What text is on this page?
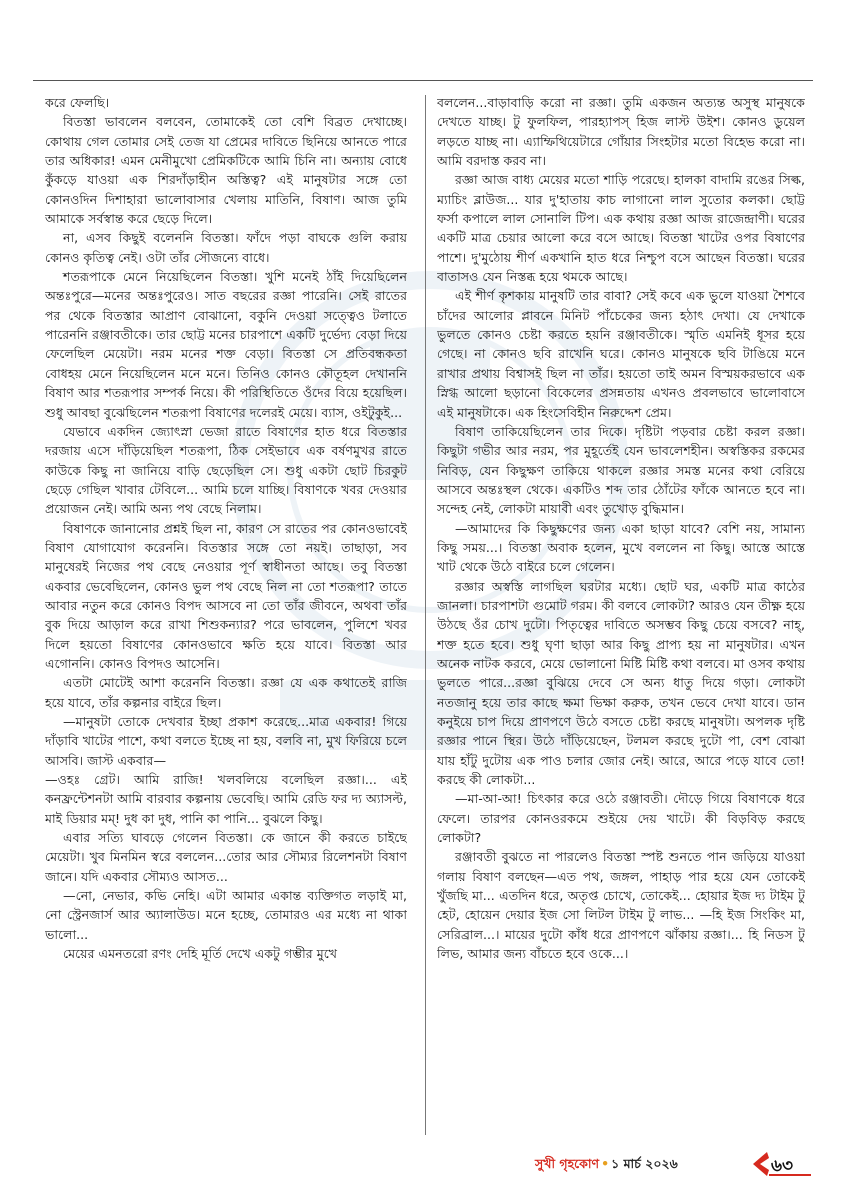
করে ফেলছি।

বিতস্তা ভাবলেন বলবেন, তোমাকেই তো বেশি বিব্রত দেখাচ্ছে। কোথায় গেল তোমার সেই তেজ যা প্রেমের দাবিতে ছিনিয়ে আনতে পারে তার অধিকার! এমন মেনীমুখো প্রেমিকটিকে আমি চিনি না। অন্যায় বোধে কুঁকড়ে যাওয়া এক শিরদাঁড়াহীন অস্তিত্ব? এই মানুষটার সঙ্গে তো কোনওদিন দিশাহারা ভালোবাসার খেলায় মাতিনি, বিষাণ। আজ তুমি আমাকে সর্বস্বান্ত করে ছেড়ে দিলে।

না, এসব কিছুই বলেননি বিতস্তা। ফাঁদে পড়া বাঘকে গুলি করায় কোনও কৃতিত্ব নেই। ওটা তাঁর সৌজন্যে বাধে।

শতরূপাকে মেনে নিয়েছিলেন বিতস্তা। খুশি মনেই ঠাঁই দিয়েছিলেন অন্তঃপুরে—মনের অন্তঃপুরেও। সাত বছরের রজ্ঞা পারেনি। সেই রাতের পর থেকে বিতস্তার আপ্রাণ বোঝানো, বকুনি দেওয়া সত্ত্বেও টলাতে পারেননি রঞ্জাবতীকে। তার ছোট্ট মনের চারপাশে একটি দুর্ভেদ্য বেড়া দিয়ে ফেলেছিল মেয়েটা। নরম মনের শক্ত বেড়া। বিতস্তা সে প্রতিবন্ধকতা বোধহয় মেনে নিয়েছিলেন মনে মনে। তিনিও কোনও কৌতূহল দেখাননি বিষাণ আর শতরূপার সম্পর্ক নিয়ে। কী পরিস্থিতিতে ওঁদের বিয়ে হয়েছিল। শুধু আবছা বুঝেছিলেন শতরূপা বিষাণের দলেরই মেয়ে। ব্যাস, ওইটুকুই...

যেভাবে একদিন জ্যোৎস্না ভেজা রাতে বিষাণের হাত ধরে বিতস্তার দরজায় এসে দাঁড়িয়েছিল শতরূপা, ঠিক সেইভাবে এক বর্ষণমুখর রাতে কাউকে কিছু না জানিয়ে বাড়ি ছেড়েছিল সে। শুধু একটা ছোট চিরকুট ছেড়ে গেছিল খাবার টেবিলে... আমি চলে যাচ্ছি। বিষাণকে খবর দেওয়ার প্রয়োজন নেই। আমি অন্য পথ বেছে নিলাম।

বিষাণকে জানানোর প্রশ্নই ছিল না, কারণ সে রাতের পর কোনওভাবেই বিষাণ যোগাযোগ করেননি। বিতস্তার সঙ্গে তো নয়ই। তাছাড়া, সব মানুষেরই নিজের পথ বেছে নেওয়ার পূর্ণ স্বাধীনতা আছে। তবু বিতস্তা একবার ভেবেছিলেন, কোনও ভুল পথ বেছে নিল না তো শতরূপা? তাতে আবার নতুন করে কোনও বিপদ আসবে না তো তাঁর জীবনে, অথবা তাঁর বুক দিয়ে আড়াল করে রাখা শিশুকন্যার? পরে ভাবলেন, পুলিশে খবর দিলে হয়তো বিষাণের কোনওভাবে ক্ষতি হয়ে যাবে। বিতস্তা আর এগোননি। কোনও বিপদও আসেনি।

এতটা মোটেই আশা করেননি বিতস্তা। রজ্ঞা যে এক কথাতেই রাজি হয়ে যাবে, তাঁর কল্পনার বাইরে ছিল।

—মানুষটা তোকে দেখবার ইচ্ছা প্রকাশ করেছে...মাত্র একবার! গিয়ে দাঁড়াবি খাটের পাশে, কথা বলতে ইচ্ছে না হয়, বলবি না, মুখ ফিরিয়ে চলে আসবি। জাস্ট একবার—

—ওহঃ গ্রেট। আমি রাজি! খলবলিয়ে বলেছিল রজ্ঞা।... এই কনফ্রন্টেশনটা আমি বারবার কল্পনায় ভেবেছি। আমি রেডি ফর দ্য অ্যাসল্ট, মাই ডিয়ার মম্‌! দুধ কা দুধ, পানি কা পানি... বুঝলে কিছু।

এবার সত্যি ঘাবড়ে গেলেন বিতস্তা। কে জানে কী করতে চাইছে মেয়েটা। খুব মিনমিন স্বরে বললেন...তোর আর সৌম্যর রিলেশনটা বিষাণ জানে। যদি একবার সৌম্যও আসত...

—নো, নেভার, কভি নেহি। এটা আমার একান্ত ব্যক্তিগত লড়াই মা, নো স্ট্রেনজার্স আর অ্যালাউড। মনে হচ্ছে, তোমারও এর মধ্যে না থাকা ভালো...

মেয়ের এমনতরো রণং দেহি মূর্তি দেখে একটু গম্ভীর মুখে

বললেন...বাড়াবাড়ি করো না রজ্ঞা। তুমি একজন অত্যন্ত অসুস্থ মানুষকে দেখতে যাচ্ছ। টু ফুলফিল, পারহ্যাপস্‌ হিজ লাস্ট উইশ। কোনও ডুয়েল লড়তে যাচ্ছ না। এ্যাম্ফিথিয়েটারে গোঁয়ার সিংহটার মতো বিহেভ করো না। আমি বরদাস্ত করব না।

রজ্ঞা আজ বাধ্য মেয়ের মতো শাড়ি পরেছে। হালকা বাদামি রঙের সিল্ক, ম্যাচিং ব্লাউজ... যার দু'হাতায় কাচ লাগানো লাল সুতোর কলকা। ছোট্ট ফর্সা কপালে লাল সোনালি টিপ। এক কথায় রজ্ঞা আজ রাজেন্দ্রাণী। ঘরের একটি মাত্র চেয়ার আলো করে বসে আছে। বিতস্তা খাটের ওপর বিষাণের পাশে। দু'মুঠোয় শীর্ণ একখানি হাত ধরে নিশ্চুপ বসে আছেন বিতস্তা। ঘরের বাতাসও যেন নিস্তব্ধ হয়ে থমকে আছে।

এই শীর্ণ কৃশকায় মানুষটি তার বাবা? সেই কবে এক ভুলে যাওয়া শৈশবে চাঁদের আলোর প্লাবনে মিনিট পাঁচেকের জন্য হঠাৎ দেখা। যে দেখাকে ভুলতে কোনও চেষ্টা করতে হয়নি রঞ্জাবতীকে। স্মৃতি এমনিই ধূসর হয়ে গেছে। না কোনও ছবি রাখেনি ঘরে। কোনও মানুষকে ছবি টাঙিয়ে মনে রাখার প্রথায় বিশ্বাসই ছিল না তাঁর। হয়তো তাই অমন বিস্ময়করভাবে এক স্নিগ্ধ আলো ছড়ানো বিকেলের প্রসন্নতায় এখনও প্রবলভাবে ভালোবাসে এই মানুষটাকে। এক হিংসেবিহীন নিরুদ্দেশ প্রেম।

বিষাণ তাকিয়েছিলেন তার দিকে। দৃষ্টিটা পড়বার চেষ্টা করল রজ্ঞা। কিছুটা গভীর আর নরম, পর মুহূর্তেই যেন ভাবলেশহীন। অস্বস্তিকর রকমের নিবিড়, যেন কিছুক্ষণ তাকিয়ে থাকলে রজ্ঞার সমস্ত মনের কথা বেরিয়ে আসবে অন্তঃস্থল থেকে। একটিও শব্দ তার ঠোঁটের ফাঁকে আনতে হবে না। সন্দেহ নেই, লোকটা মায়াবী এবং তুখোড় বুদ্ধিমান।

—আমাদের কি কিছুক্ষণের জন্য একা ছাড়া যাবে? বেশি নয়, সামান্য কিছু সময়...। বিতস্তা অবাক হলেন, মুখে বললেন না কিছু। আস্তে আস্তে খাট থেকে উঠে বাইরে চলে গেলেন।

রজ্ঞার অস্বস্তি লাগছিল ঘরটার মধ্যে। ছোট ঘর, একটি মাত্র কাঠের জানলা। চারপাশটা গুমোট গরম। কী বলবে লোকটা? আরও যেন তীক্ষ্ণ হয়ে উঠছে ওঁর চোখ দুটো। পিতৃত্বের দাবিতে অসম্ভব কিছু চেয়ে বসবে? নাহ্‌, শক্ত হতে হবে। শুধু ঘৃণা ছাড়া আর কিছু প্রাপ্য হয় না মানুষটার। এখন অনেক নাটক করবে, মেয়ে ভোলানো মিষ্টি মিষ্টি কথা বলবে। মা ওসব কথায় ভুলতে পারে...রজ্ঞা বুঝিয়ে দেবে সে অন্য ধাতু দিয়ে গড়া। লোকটা নতজানু হয়ে তার কাছে ক্ষমা ভিক্ষা করুক, তখন ভেবে দেখা যাবে। ডান কনুইয়ে চাপ দিয়ে প্রাণপণে উঠে বসতে চেষ্টা করছে মানুষটা। অপলক দৃষ্টি রজ্ঞার পানে স্থির। উঠে দাঁড়িয়েছেন, টলমল করছে দুটো পা, বেশ বোঝা যায় হাঁটু দুটোয় এক পাও চলার জোর নেই। আরে, আরে পড়ে যাবে তো! করছে কী লোকটা...

—মা-আ-আ! চিৎকার করে ওঠে রঞ্জাবতী। দৌড়ে গিয়ে বিষাণকে ধরে ফেলে। তারপর কোনওরকমে শুইয়ে দেয় খাটে। কী বিড়বিড় করছে লোকটা?

রঞ্জাবতী বুঝতে না পারলেও বিতস্তা স্পষ্ট শুনতে পান জড়িয়ে যাওয়া গলায় বিষাণ বলছেন—এত পথ, জঙ্গল, পাহাড় পার হয়ে যেন তোকেই খুঁজছি মা... এতদিন ধরে, অতৃপ্ত চোখে, তোকেই... হোয়ার ইজ দ্য টাইম টু হেট, হোয়েন দেয়ার ইজ সো লিটল টাইম টু লাভ... —হি ইজ সিংকিং মা, সেরিব্রাল...। মায়ের দুটো কাঁধ ধরে প্রাণপণে ঝাঁকায় রজ্ঞা।... হি নিডস টু লিভ, আমার জন্য বাঁচতে হবে ওকে...।

সুখী গৃহকোণ • ১ মার্চ ২০২৬	৬৩
